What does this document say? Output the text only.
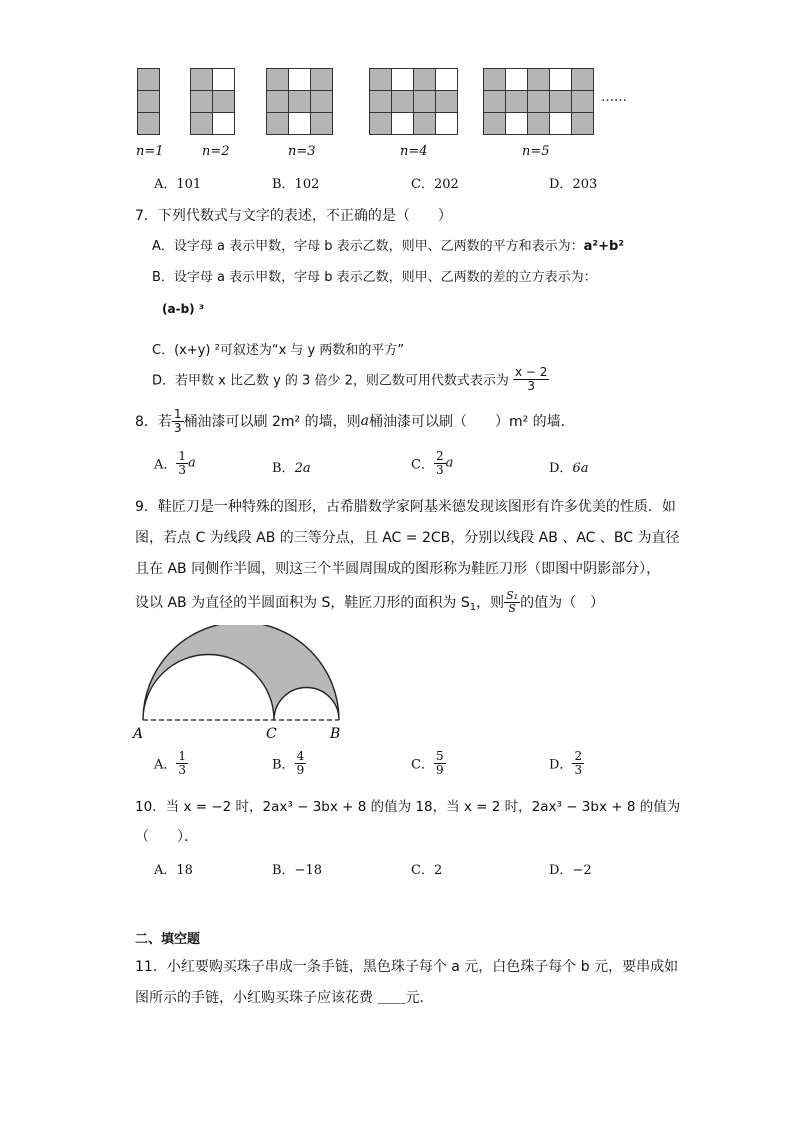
……
n=1	n=2	n=3	n=4	n=5
A．101	B．102	C．202	D．203
7．下列代数式与文字的表述，不正确的是（　　）
A．设字母 a 表示甲数，字母 b 表示乙数，则甲、乙两数的平方和表示为：a²+b²
B．设字母 a 表示甲数，字母 b 表示乙数，则甲、乙两数的差的立方表示为：
(a-b) ³
C．(x+y) ²可叙述为“x 与 y 两数和的平方”
D．若甲数 x 比乙数 y 的 3 倍少 2，则乙数可用代数式表示为 $\frac{x - 2}{3}$
8．若 $\frac{1}{3}$ 桶油漆可以刷 2m² 的墙，则a桶油漆可以刷（　　）m² 的墙．
A． $\frac{1}{3}$ a	B．2a	C． $\frac{2}{3}$ a	D．6a
9．鞋匠刀是一种特殊的图形，古希腊数学家阿基米德发现该图形有许多优美的性质．如
图，若点 C 为线段 AB 的三等分点，且 AC = 2CB，分别以线段 AB 、AC 、BC 为直径
且在 AB 同侧作半圆，则这三个半圆周围成的图形称为鞋匠刀形（即图中阴影部分），
设以 AB 为直径的半圆面积为 S，鞋匠刀形的面积为 $S_1$，则 $\frac{\text{S₁}}{S}$ 的值为（　）
A	C	B
A． $\frac{1}{3}$	B． $\frac{4}{9}$	C． $\frac{5}{9}$	D． $\frac{2}{3}$
10．当 x = −2 时，2ax³ − 3bx + 8 的值为 18，当 x = 2 时，2ax³ − 3bx + 8 的值为
（　　）．
A．18	B．−18	C．2	D．−2
二、填空题
11．小红要购买珠子串成一条手链，黑色珠子每个 a 元，白色珠子每个 b 元，要串成如
图所示的手链，小红购买珠子应该花费 ＿＿元．
